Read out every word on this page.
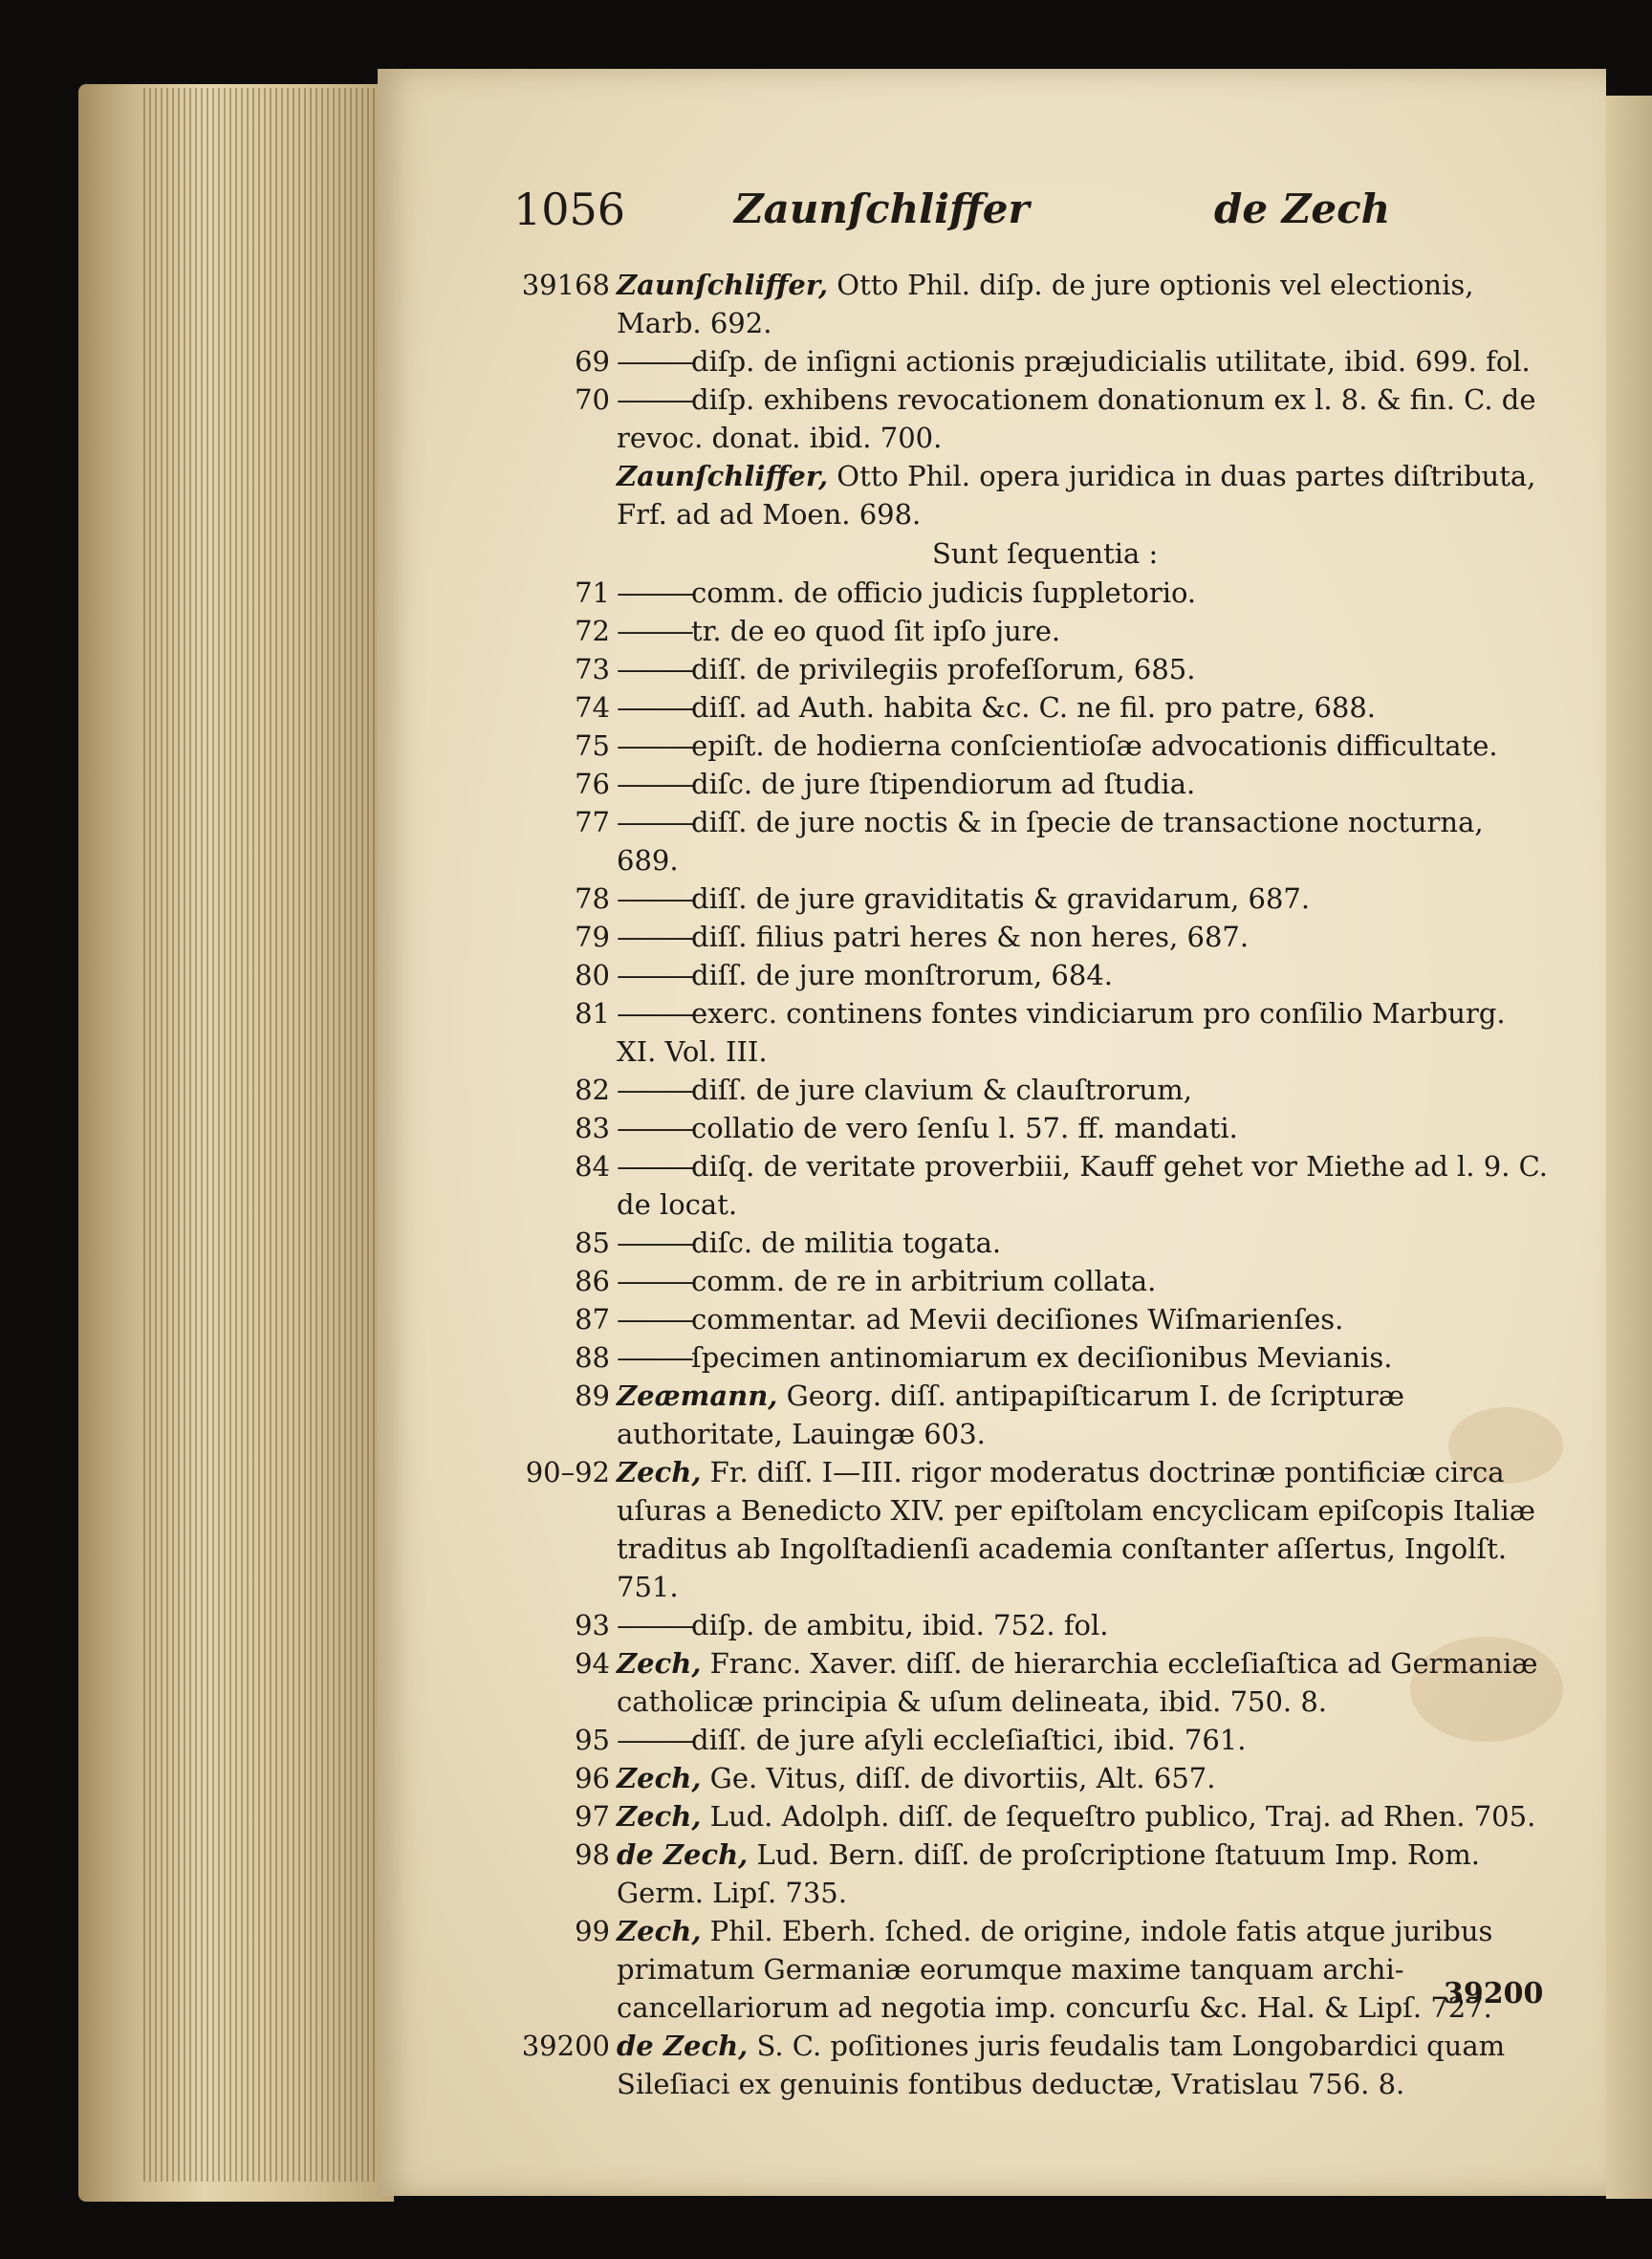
1056	Zaunſchliffer	de Zech
39168 Zaunſchliffer, Otto Phil. diſp. de jure optionis vel electionis, Marb. 692.
69 ———diſp. de inſigni actionis præjudicialis utilitate, ibid. 699. fol.
70 ———diſp. exhibens revocationem donationum ex l. 8. & fin. C. de revoc. donat. ibid. 700.
Zaunſchliffer, Otto Phil. opera juridica in duas partes diſtributa, Frf. ad ad Moen. 698.
Sunt ſequentia :
71 ———comm. de officio judicis ſuppletorio.
72 ———tr. de eo quod ſit ipſo jure.
73 ———diſſ. de privilegiis profeſſorum, 685.
74 ———diſſ. ad Auth. habita &c. C. ne fil. pro patre, 688.
75 ———epiſt. de hodierna conſcientioſæ advocationis difficultate.
76 ———diſc. de jure ſtipendiorum ad ſtudia.
77 ———diſſ. de jure noctis & in ſpecie de transactione nocturna, 689.
78 ———diſſ. de jure graviditatis & gravidarum, 687.
79 ———diſſ. filius patri heres & non heres, 687.
80 ———diſſ. de jure monſtrorum, 684.
81 ———exerc. continens fontes vindiciarum pro conſilio Marburg. XI. Vol. III.
82 ———diſſ. de jure clavium & clauſtrorum,
83 ———collatio de vero ſenſu l. 57. ff. mandati.
84 ———diſq. de veritate proverbiii, Kauff gehet vor Miethe ad l. 9. C. de locat.
85 ———diſc. de militia togata.
86 ———comm. de re in arbitrium collata.
87 ———commentar. ad Mevii deciſiones Wiſmarienſes.
88 ———ſpecimen antinomiarum ex deciſionibus Mevianis.
89 Zeæmann, Georg. diſſ. antipapiſticarum I. de ſcripturæ authoritate, Lauingæ 603.
90–92 Zech, Fr. diſſ. I—III. rigor moderatus doctrinæ pontificiæ circa uſuras a Benedicto XIV. per epiſtolam encyclicam epiſcopis Italiæ traditus ab Ingolſtadienſi academia conſtanter aſſertus, Ingolſt. 751.
93 ———diſp. de ambitu, ibid. 752. fol.
94 Zech, Franc. Xaver. diſſ. de hierarchia eccleſiaſtica ad Germaniæ catholicæ principia & uſum delineata, ibid. 750. 8.
95 ———diſſ. de jure aſyli eccleſiaſtici, ibid. 761.
96 Zech, Ge. Vitus, diſſ. de divortiis, Alt. 657.
97 Zech, Lud. Adolph. diſſ. de ſequeſtro publico, Traj. ad Rhen. 705.
98 de Zech, Lud. Bern. diſſ. de proſcriptione ſtatuum Imp. Rom. Germ. Lipſ. 735.
99 Zech, Phil. Eberh. ſched. de origine, indole fatis atque juribus primatum Germaniæ eorumque maxime tanquam archi-cancellariorum ad negotia imp. concurſu &c. Hal. & Lipſ. 727.
39200 de Zech, S. C. poſitiones juris feudalis tam Longobardici quam Sileſiaci ex genuinis fontibus deductæ, Vratislau 756. 8.
39200
